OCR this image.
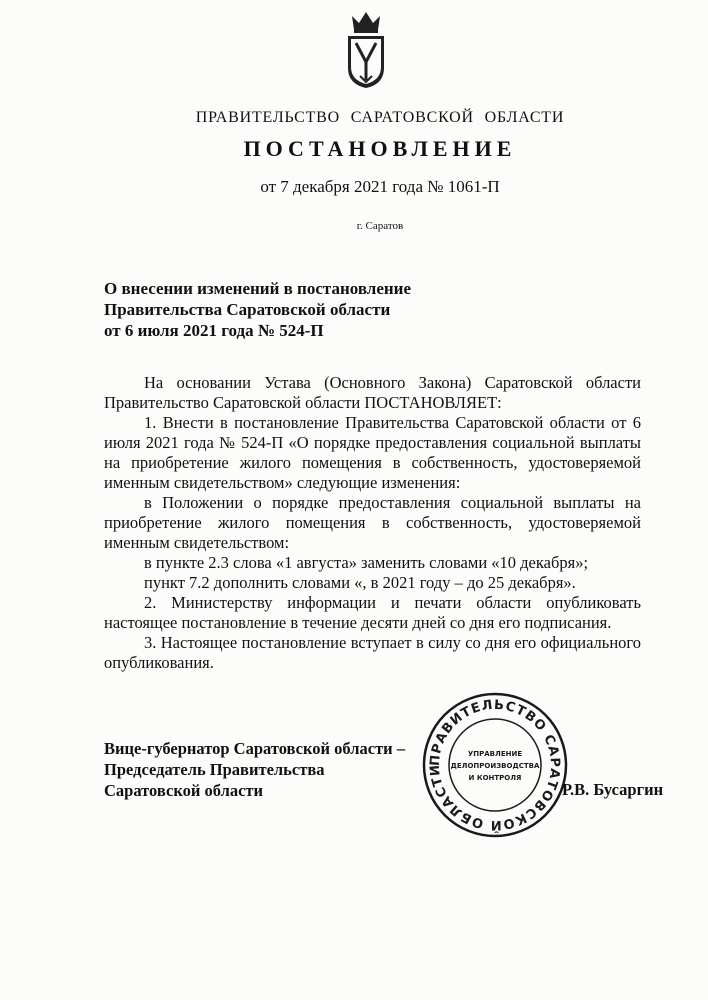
ПРАВИТЕЛЬСТВО САРАТОВСКОЙ ОБЛАСТИ
ПОСТАНОВЛЕНИЕ
от 7 декабря 2021 года № 1061-П
г. Саратов
О внесении изменений в постановление
Правительства Саратовской области
от 6 июля 2021 года № 524-П

На основании Устава (Основного Закона) Саратовской области Правительство Саратовской области ПОСТАНОВЛЯЕТ:

1. Внести в постановление Правительства Саратовской области от 6 июля 2021 года № 524-П «О порядке предоставления социальной выплаты на приобретение жилого помещения в собственность, удостоверяемой именным свидетельством» следующие изменения:

в Положении о порядке предоставления социальной выплаты на приобретение жилого помещения в собственность, удостоверяемой именным свидетельством:

в пункте 2.3 слова «1 августа» заменить словами «10 декабря»;

пункт 7.2 дополнить словами «, в 2021 году – до 25 декабря».

2. Министерству информации и печати области опубликовать настоящее постановление в течение десяти дней со дня его подписания.

3. Настоящее постановление вступает в силу со дня его официального опубликования.

Вице-губернатор Саратовской области –
Председатель Правительства
Саратовской области
ПРАВИТЕЛЬСТВО САРАТОВСКОЙ ОБЛАСТИ
УПРАВЛЕНИЕ
ДЕЛОПРОИЗВОДСТВА
И КОНТРОЛЯ
Р.В. Бусаргин
